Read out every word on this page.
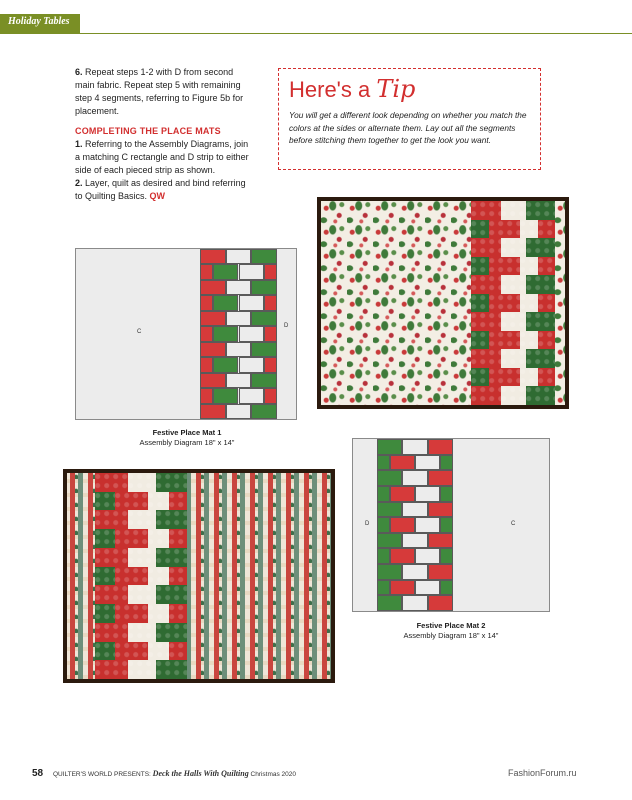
Holiday Tables

6. Repeat steps 1-2 with D from second main fabric. Repeat step 5 with remaining step 4 segments, referring to Figure 5b for placement.

COMPLETING THE PLACE MATS

1. Referring to the Assembly Diagrams, join a matching C rectangle and D strip to either side of each pieced strip as shown.

2. Layer, quilt as desired and bind referring to Quilting Basics. QW

Here's a Tip
You will get a different look depending on whether you match the colors at the sides or alternate them. Lay out all the segments before stitching them together to get the look you want.
C
D
Festive Place Mat 1
Assembly Diagram 18" x 14"
D	C
Festive Place Mat 2
Assembly Diagram 18" x 14"
58 QUILTER'S WORLD PRESENTS: Deck the Halls With Quilting Christmas 2020	FashionForum.ru
